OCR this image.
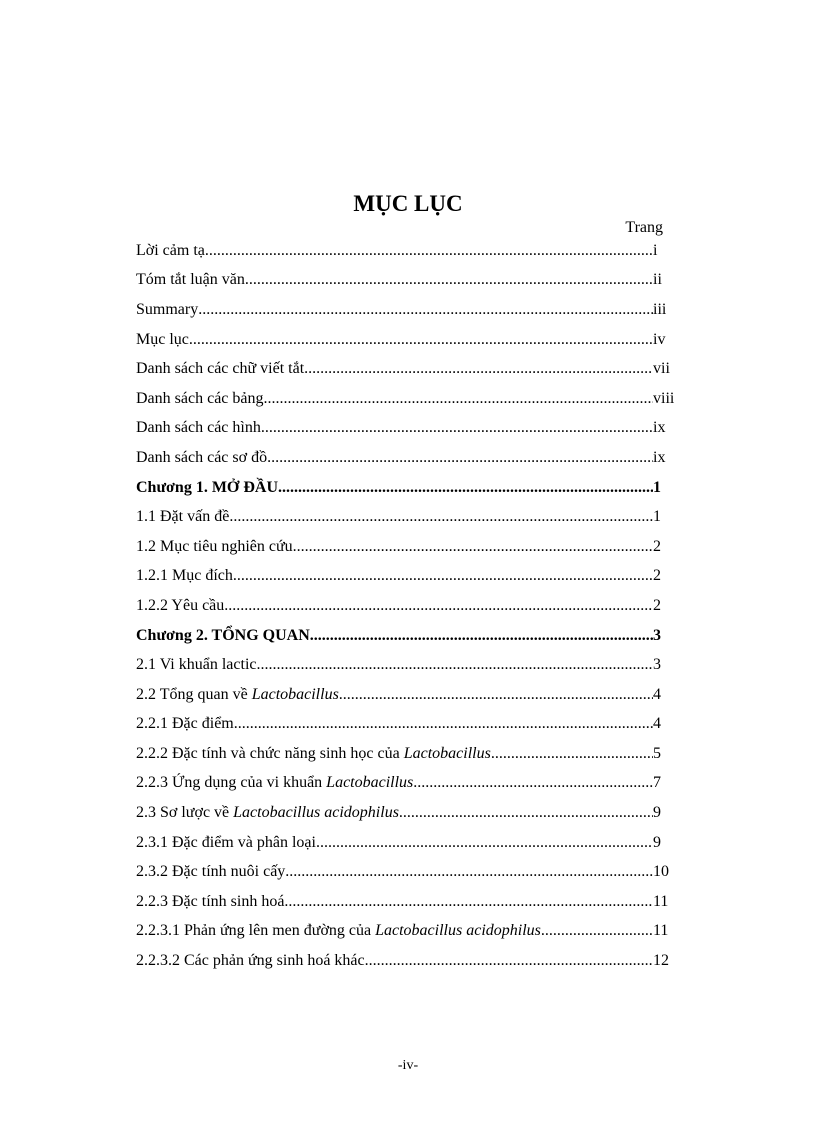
MỤC LỤC
Trang
Lời cảm tạ .....	i
Tóm tắt luận văn .....	ii
Summary .....	iii
Mục lục .....	iv
Danh sách các chữ viết tắt .....	vii
Danh sách các bảng .....	viii
Danh sách các hình .....	ix
Danh sách các sơ đồ .....	ix
Chương 1. MỞ ĐẦU .....	1
1.1 Đặt vấn đề .....	1
1.2 Mục tiêu nghiên cứu .....	2
1.2.1 Mục đích .....	2
1.2.2 Yêu cầu .....	2
Chương 2. TỔNG QUAN .....	3
2.1 Vi khuẩn lactic .....	3
2.2 Tổng quan về Lactobacillus .....	4
2.2.1 Đặc điểm .....	4
2.2.2 Đặc tính và chức năng sinh học của Lactobacillus .....	5
2.2.3 Ứng dụng của vi khuẩn Lactobacillus .....	7
2.3 Sơ lược về Lactobacillus acidophilus .....	9
2.3.1 Đặc điểm và phân loại .....	9
2.3.2 Đặc tính nuôi cấy .....	10
2.2.3 Đặc tính sinh hoá .....	11
2.2.3.1 Phản ứng lên men đường của Lactobacillus acidophilus .....	11
2.2.3.2 Các phản ứng sinh hoá khác .....	12
-iv-
